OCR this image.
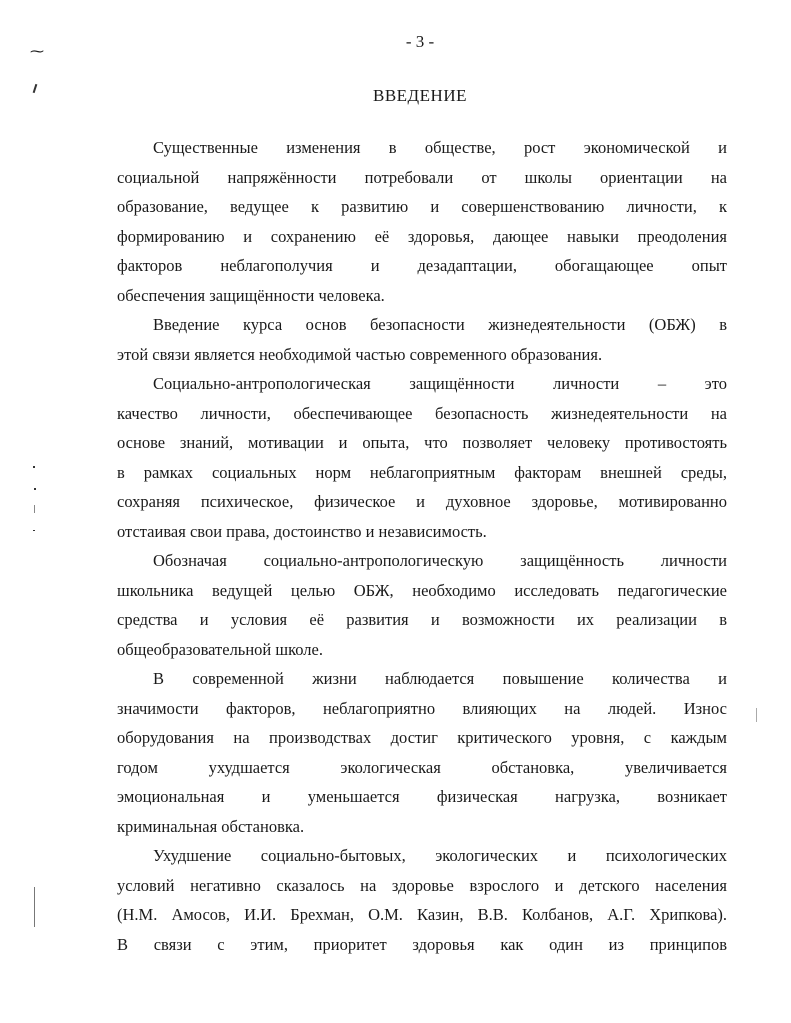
- 3 -
ВВЕДЕНИЕ

Существенные изменения в обществе, рост экономической и
социальной напряжённости потребовали от школы ориентации на
образование, ведущее к развитию и совершенствованию личности, к
формированию и сохранению её здоровья, дающее навыки преодоления
факторов неблагополучия и дезадаптации, обогащающее опыт
обеспечения защищённости человека.

Введение курса основ безопасности жизнедеятельности (ОБЖ) в
этой связи является необходимой частью современного образования.

Социально-антропологическая защищённости личности – это
качество личности, обеспечивающее безопасность жизнедеятельности на
основе знаний, мотивации и опыта, что позволяет человеку противостоять
в рамках социальных норм неблагоприятным факторам внешней среды,
сохраняя психическое, физическое и духовное здоровье, мотивированно
отстаивая свои права, достоинство и независимость.

Обозначая социально-антропологическую защищённость личности
школьника ведущей целью ОБЖ, необходимо исследовать педагогические
средства и условия её развития и возможности их реализации в
общеобразовательной школе.

В современной жизни наблюдается повышение количества и
значимости факторов, неблагоприятно влияющих на людей. Износ
оборудования на производствах достиг критического уровня, с каждым
годом ухудшается экологическая обстановка, увеличивается
эмоциональная и уменьшается физическая нагрузка, возникает
криминальная обстановка.

Ухудшение социально-бытовых, экологических и психологических
условий негативно сказалось на здоровье взрослого и детского населения
(Н.М. Амосов, И.И. Брехман, О.М. Казин, В.В. Колбанов, А.Г. Хрипкова).
В связи с этим, приоритет здоровья как один из принципов

⁓
